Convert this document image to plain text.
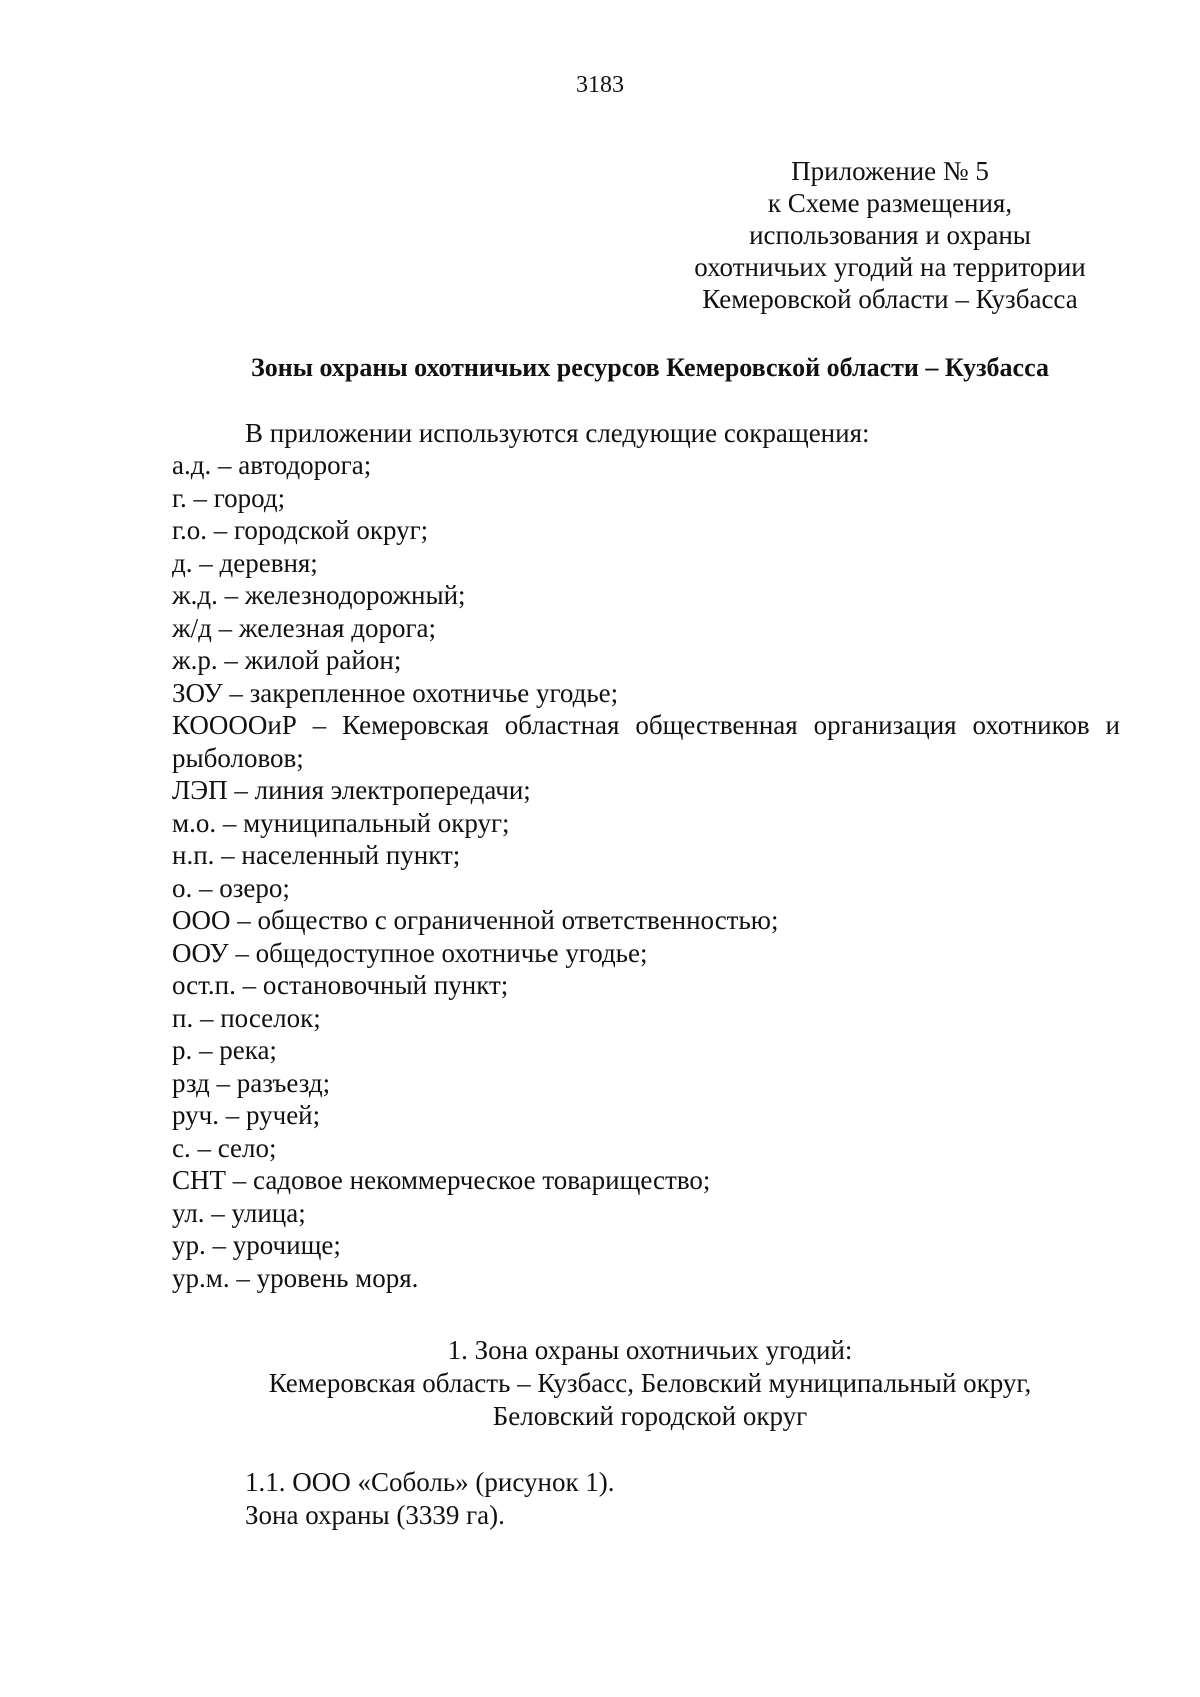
3183
Приложение № 5
к Схеме размещения,
использования и охраны
охотничьих угодий на территории
Кемеровской области – Кузбасса
Зоны охраны охотничьих ресурсов Кемеровской области – Кузбасса
В приложении используются следующие сокращения:
а.д. – автодорога;
г. – город;
г.о. – городской округ;
д. – деревня;
ж.д. – железнодорожный;
ж/д – железная дорога;
ж.р. – жилой район;
ЗОУ – закрепленное охотничье угодье;
КООООиР – Кемеровская областная общественная организация охотников и рыболовов;
ЛЭП – линия электропередачи;
м.о. – муниципальный округ;
н.п. – населенный пункт;
о. – озеро;
ООО – общество с ограниченной ответственностью;
ООУ – общедоступное охотничье угодье;
ост.п. – остановочный пункт;
п. – поселок;
р. – река;
рзд – разъезд;
руч. – ручей;
с. – село;
СНТ – садовое некоммерческое товарищество;
ул. – улица;
ур. – урочище;
ур.м. – уровень моря.
1. Зона охраны охотничьих угодий:
Кемеровская область – Кузбасс, Беловский муниципальный округ,
Беловский городской округ
1.1. ООО «Соболь» (рисунок 1).
Зона охраны (3339 га).
